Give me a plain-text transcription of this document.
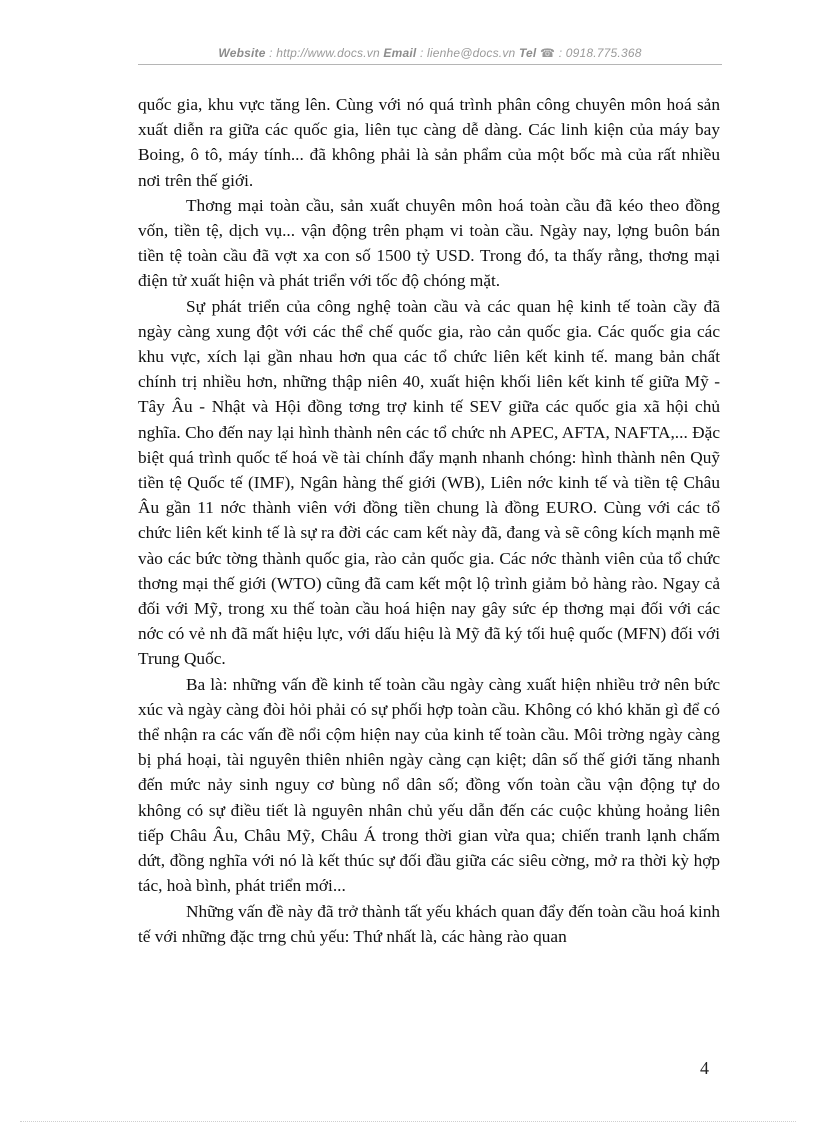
Website : http://www.docs.vn Email : lienhe@docs.vn Tel ☎ : 0918.775.368

quốc gia, khu vực tăng lên. Cùng với nó quá trình phân công chuyên môn hoá sản xuất diễn ra giữa các quốc gia, liên tục càng dễ dàng. Các linh kiện của máy bay Boing, ô tô, máy tính... đã không phải là sản phẩm của một bốc mà của rất nhiều nơi trên thế giới.

Thơng mại toàn cầu, sản xuất chuyên môn hoá toàn cầu đã kéo theo đồng vốn, tiền tệ, dịch vụ... vận động trên phạm vi toàn cầu. Ngày nay, lợng buôn bán tiền tệ toàn cầu đã vợt xa con số 1500 tỷ USD. Trong đó, ta thấy rằng, thơng mại điện tử xuất hiện và phát triển với tốc độ chóng mặt.

Sự phát triển của công nghệ toàn cầu và các quan hệ kinh tế toàn cầy đã ngày càng xung đột với các thể chế quốc gia, rào cản quốc gia. Các quốc gia các khu vực, xích lại gần nhau hơn qua các tổ chức liên kết kinh tế. mang bản chất chính trị nhiều hơn, những thập niên 40, xuất hiện khối liên kết kinh tế giữa Mỹ - Tây Âu - Nhật và Hội đồng tơng trợ kinh tế SEV giữa các quốc gia xã hội chủ nghĩa. Cho đến nay lại hình thành nên các tổ chức nh APEC, AFTA, NAFTA,... Đặc biệt quá trình quốc tế hoá về tài chính đẩy mạnh nhanh chóng: hình thành nên Quỹ tiền tệ Quốc tế (IMF), Ngân hàng thế giới (WB), Liên nớc kinh tế và tiền tệ Châu Âu gần 11 nớc thành viên với đồng tiền chung là đồng EURO. Cùng với các tổ chức liên kết kinh tế là sự ra đời các cam kết này đã, đang và sẽ công kích mạnh mẽ vào các bức tờng thành quốc gia, rào cản quốc gia. Các nớc thành viên của tổ chức thơng mại thế giới (WTO) cũng đã cam kết một lộ trình giảm bỏ hàng rào. Ngay cả đối với Mỹ, trong xu thế toàn cầu hoá hiện nay gây sức ép thơng mại đối với các nớc có vẻ nh đã mất hiệu lực, với dấu hiệu là Mỹ đã ký tối huệ quốc (MFN) đối với Trung Quốc.

Ba là: những vấn đề kinh tế toàn cầu ngày càng xuất hiện nhiều trở nên bức xúc và ngày càng đòi hỏi phải có sự phối hợp toàn cầu. Không có khó khăn gì để có thể nhận ra các vấn đề nổi cộm hiện nay của kinh tế toàn cầu. Môi trờng ngày càng bị phá hoại, tài nguyên thiên nhiên ngày càng cạn kiệt; dân số thế giới tăng nhanh đến mức nảy sinh nguy cơ bùng nổ dân số; đồng vốn toàn cầu vận động tự do không có sự điều tiết là nguyên nhân chủ yếu dẫn đến các cuộc khủng hoảng liên tiếp Châu Âu, Châu Mỹ, Châu Á trong thời gian vừa qua; chiến tranh lạnh chấm dứt, đồng nghĩa với nó là kết thúc sự đối đầu giữa các siêu cờng, mở ra thời kỳ hợp tác, hoà bình, phát triển mới...

Những vấn đề này đã trở thành tất yếu khách quan đẩy đến toàn cầu hoá kinh tế với những đặc trng chủ yếu: Thứ nhất là, các hàng rào quan

4
